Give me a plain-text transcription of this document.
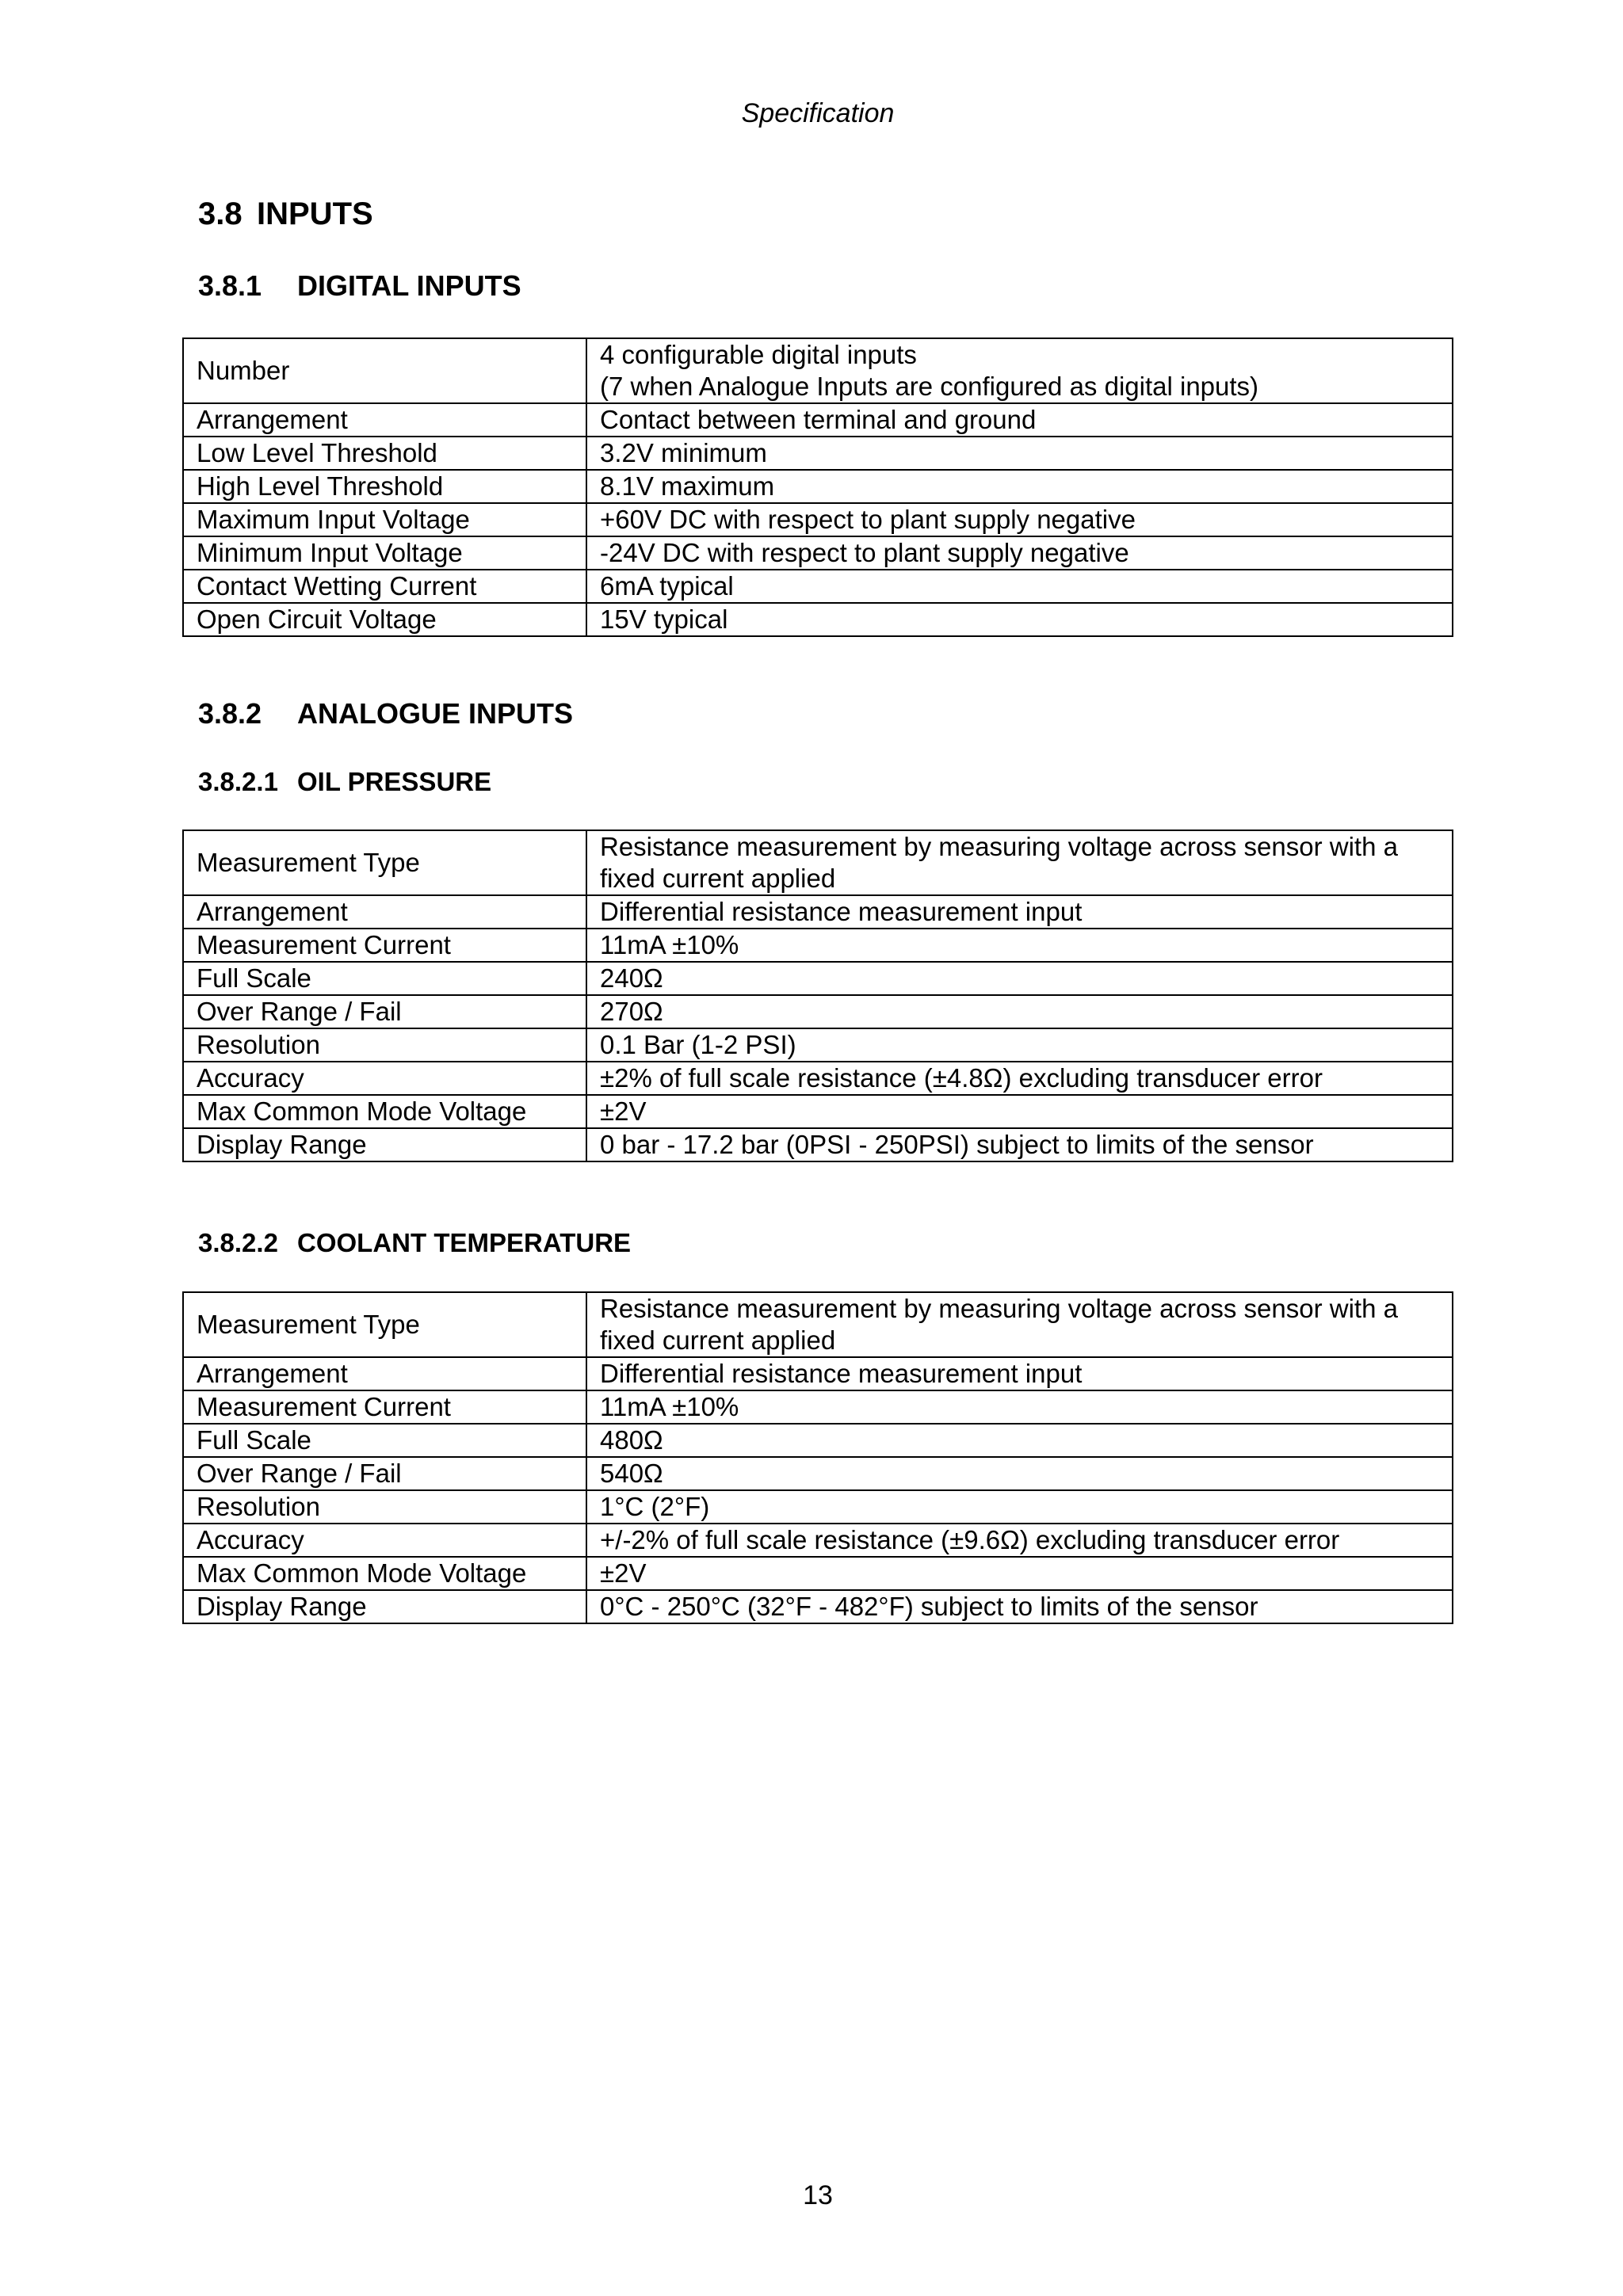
Specification
3.8 INPUTS
3.8.1 DIGITAL INPUTS
Number	4 configurable digital inputs
(7 when Analogue Inputs are configured as digital inputs)

Arrangement	Contact between terminal and ground

Low Level Threshold	3.2V minimum

High Level Threshold	8.1V maximum

Maximum Input Voltage	+60V DC with respect to plant supply negative

Minimum Input Voltage	-24V DC with respect to plant supply negative

Contact Wetting Current	6mA typical

Open Circuit Voltage	15V typical
3.8.2 ANALOGUE INPUTS
3.8.2.1 OIL PRESSURE
Measurement Type	Resistance measurement by measuring voltage across sensor with a
fixed current applied

Arrangement	Differential resistance measurement input

Measurement Current	11mA ±10%

Full Scale	240Ω

Over Range / Fail	270Ω

Resolution	0.1 Bar (1-2 PSI)

Accuracy	±2% of full scale resistance (±4.8Ω) excluding transducer error

Max Common Mode Voltage	±2V

Display Range	0 bar - 17.2 bar (0PSI - 250PSI) subject to limits of the sensor
3.8.2.2 COOLANT TEMPERATURE
Measurement Type	Resistance measurement by measuring voltage across sensor with a
fixed current applied

Arrangement	Differential resistance measurement input

Measurement Current	11mA ±10%

Full Scale	480Ω

Over Range / Fail	540Ω

Resolution	1°C (2°F)

Accuracy	+/-2% of full scale resistance (±9.6Ω) excluding transducer error

Max Common Mode Voltage	±2V

Display Range	0°C - 250°C (32°F - 482°F) subject to limits of the sensor
13
